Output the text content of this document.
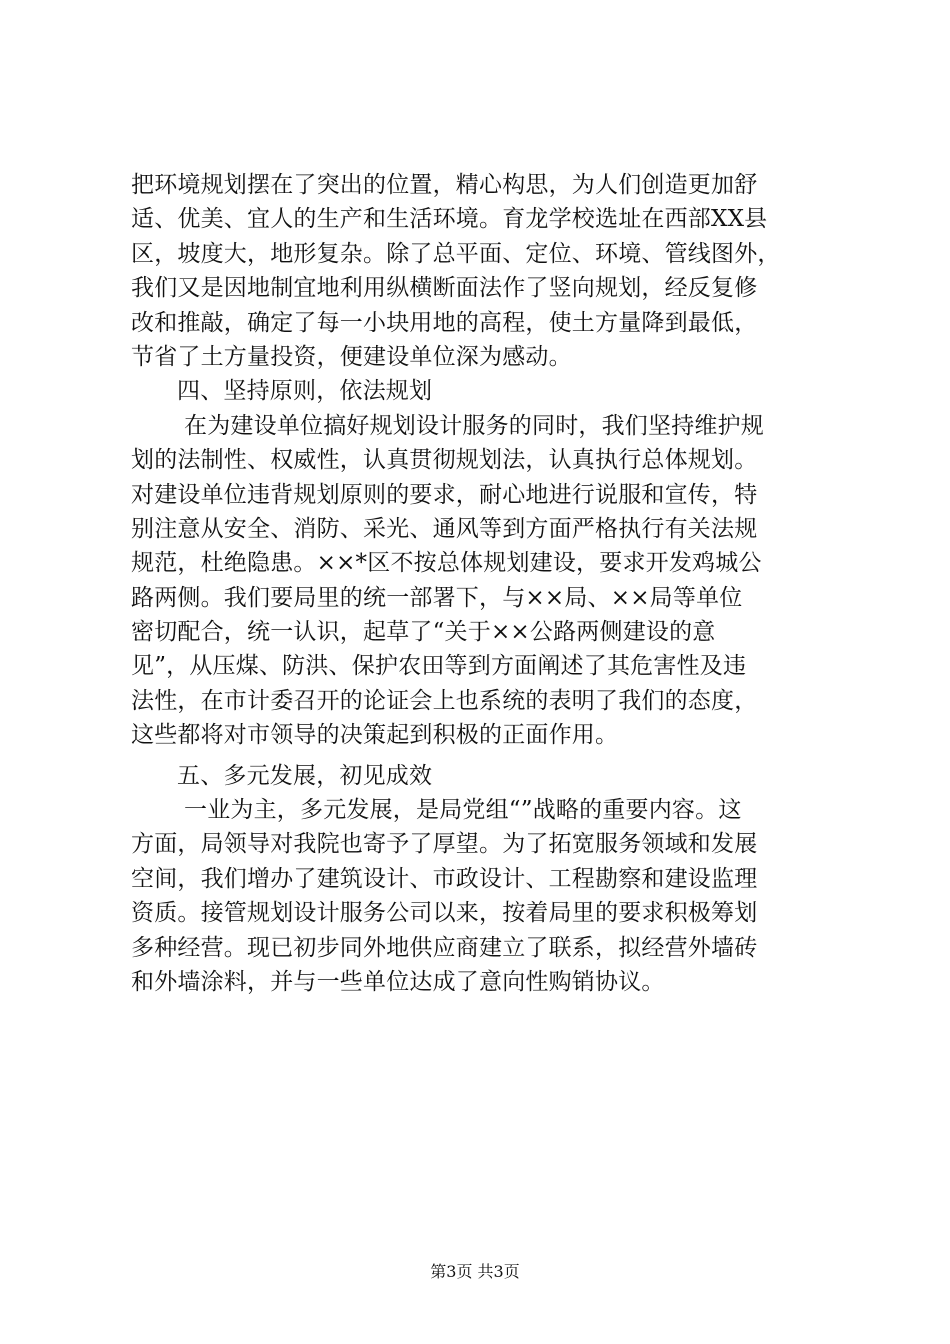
把环境规划摆在了突出的位置，精心构思，为人们创造更加舒
适、优美、宜人的生产和生活环境。育龙学校选址在西部XX县
区，坡度大，地形复杂。除了总平面、定位、环境、管线图外，
我们又是因地制宜地利用纵横断面法作了竖向规划，经反复修
改和推敲，确定了每一小块用地的高程，使土方量降到最低，
节省了土方量投资，便建设单位深为感动。
四、坚持原则，依法规划
在为建设单位搞好规划设计服务的同时，我们坚持维护规
划的法制性、权威性，认真贯彻规划法，认真执行总体规划。
对建设单位违背规划原则的要求，耐心地进行说服和宣传，特
别注意从安全、消防、采光、通风等到方面严格执行有关法规
规范，杜绝隐患。××*区不按总体规划建设，要求开发鸡城公
路两侧。我们要局里的统一部署下，与××局、××局等单位
密切配合，统一认识，起草了“关于××公路两侧建设的意
见”，从压煤、防洪、保护农田等到方面阐述了其危害性及违
法性，在市计委召开的论证会上也系统的表明了我们的态度，
这些都将对市领导的决策起到积极的正面作用。
五、多元发展，初见成效
一业为主，多元发展，是局党组“”战略的重要内容。这
方面，局领导对我院也寄予了厚望。为了拓宽服务领域和发展
空间，我们增办了建筑设计、市政设计、工程勘察和建设监理
资质。接管规划设计服务公司以来，按着局里的要求积极筹划
多种经营。现已初步同外地供应商建立了联系，拟经营外墙砖
和外墙涂料，并与一些单位达成了意向性购销协议。
第3页 共3页
